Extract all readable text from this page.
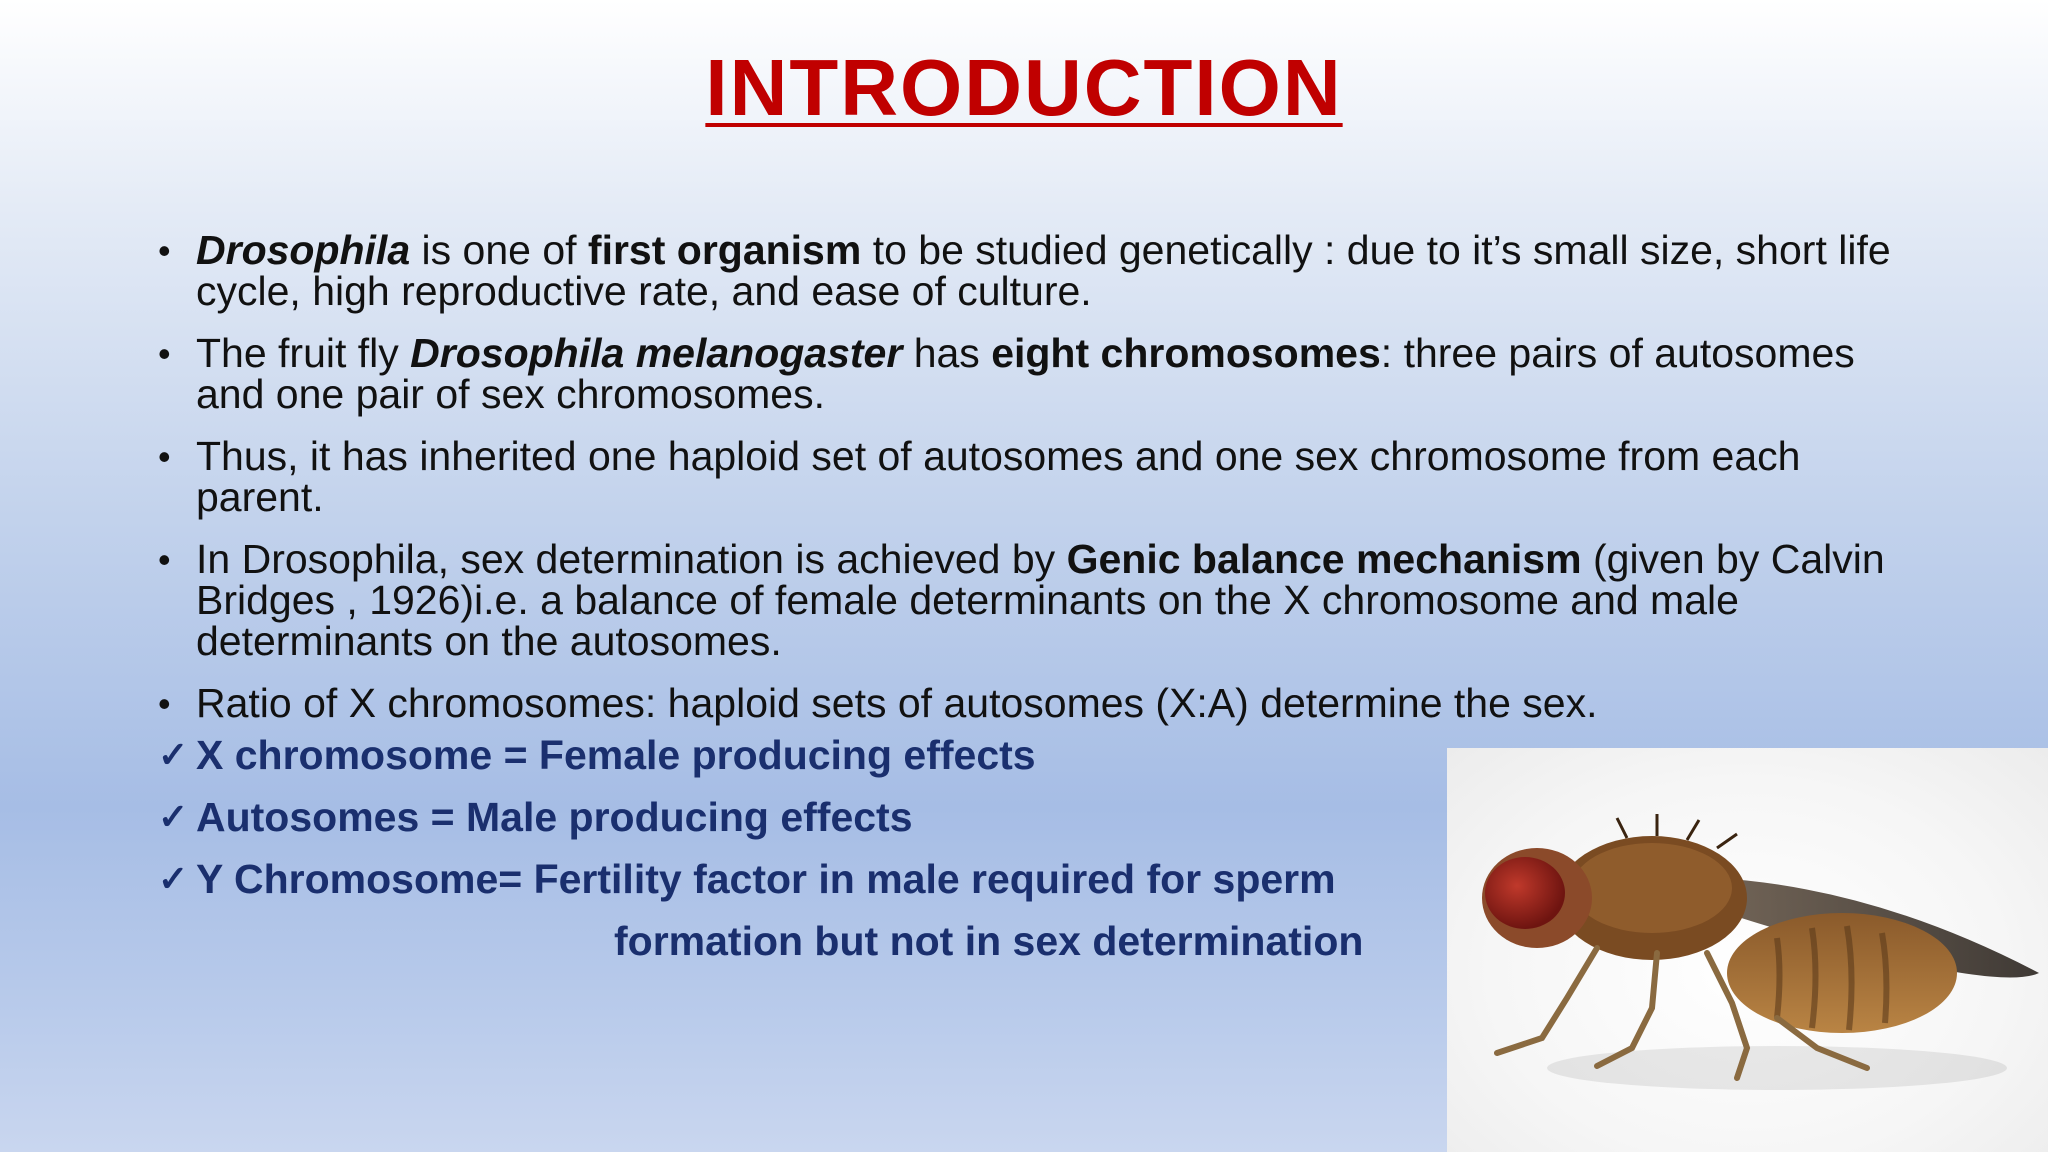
INTRODUCTION
• Drosophila is one of first organism to be studied genetically : due to it’s small size, short life cycle, high reproductive rate, and ease of culture.
• The fruit fly Drosophila melanogaster has eight chromosomes: three pairs of autosomes and one pair of sex chromosomes.
• Thus, it has inherited one haploid set of autosomes and one sex chromosome from each parent.
• In Drosophila, sex determination is achieved by Genic balance mechanism (given by Calvin Bridges , 1926)i.e. a balance of female determinants on the X chromosome and male determinants on the autosomes.
• Ratio of X chromosomes: haploid sets of autosomes (X:A) determine the sex.
✓ X chromosome = Female producing effects
✓ Autosomes = Male producing effects
✓ Y Chromosome= Fertility factor in male required for sperm
formation but not in sex determination
